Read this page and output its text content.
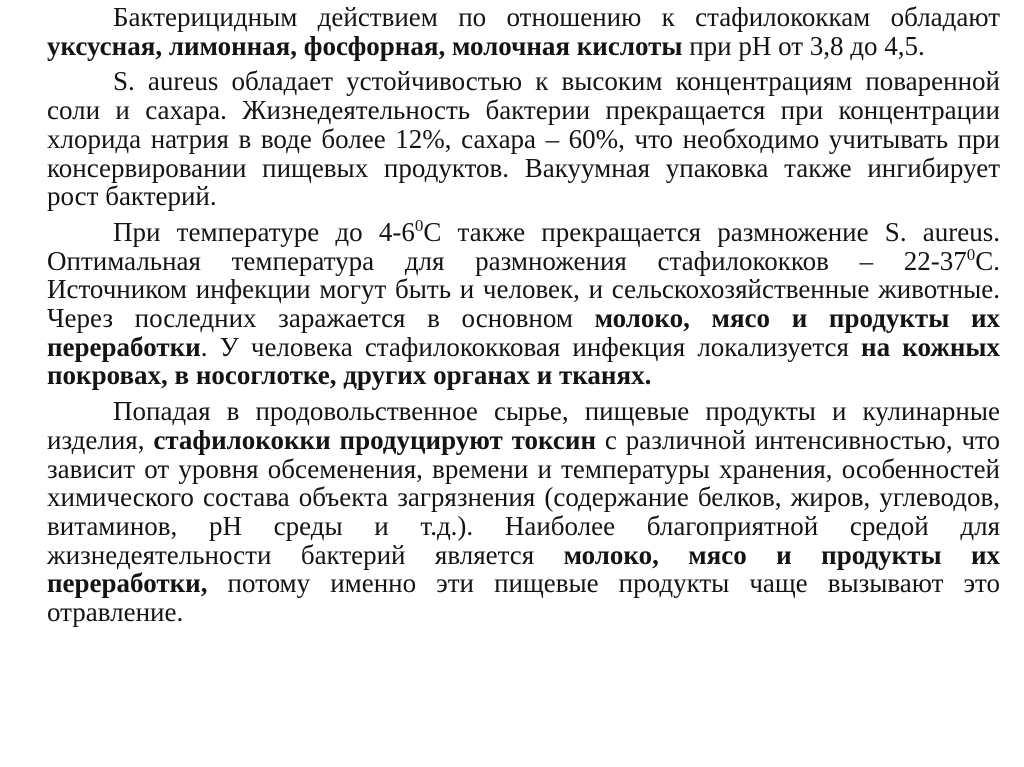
Бактерицидным действием по отношению к стафилококкам обладают уксусная, лимонная, фосфорная, молочная кислоты при рН от 3,8 до 4,5.

S. aureus обладает устойчивостью к высоким концентрациям поваренной соли и сахара. Жизнедеятельность бактерии прекращается при концентрации хлорида натрия в воде более 12%, сахара – 60%, что необходимо учитывать при консервировании пищевых продуктов. Вакуумная упаковка также ингибирует рост бактерий.

При температуре до $4-6^0С$ также прекращается размножение S. aureus. Оптимальная температура для размножения стафилококков – $22-37^0С$. Источником инфекции могут быть и человек, и сельскохозяйственные животные. Через последних заражается в основном молоко, мясо и продукты их переработки. У человека стафилококковая инфекция локализуется на кожных покровах, в носоглотке, других органах и тканях.

Попадая в продовольственное сырье, пищевые продукты и кулинарные изделия, стафилококки продуцируют токсин с различной интенсивностью, что зависит от уровня обсеменения, времени и температуры хранения, особенностей химического состава объекта загрязнения (содержание белков, жиров, углеводов, витаминов, рН среды и т.д.). Наиболее благоприятной средой для жизнедеятельности бактерий является молоко, мясо и продукты их переработки, потому именно эти пищевые продукты чаще вызывают это отравление.
